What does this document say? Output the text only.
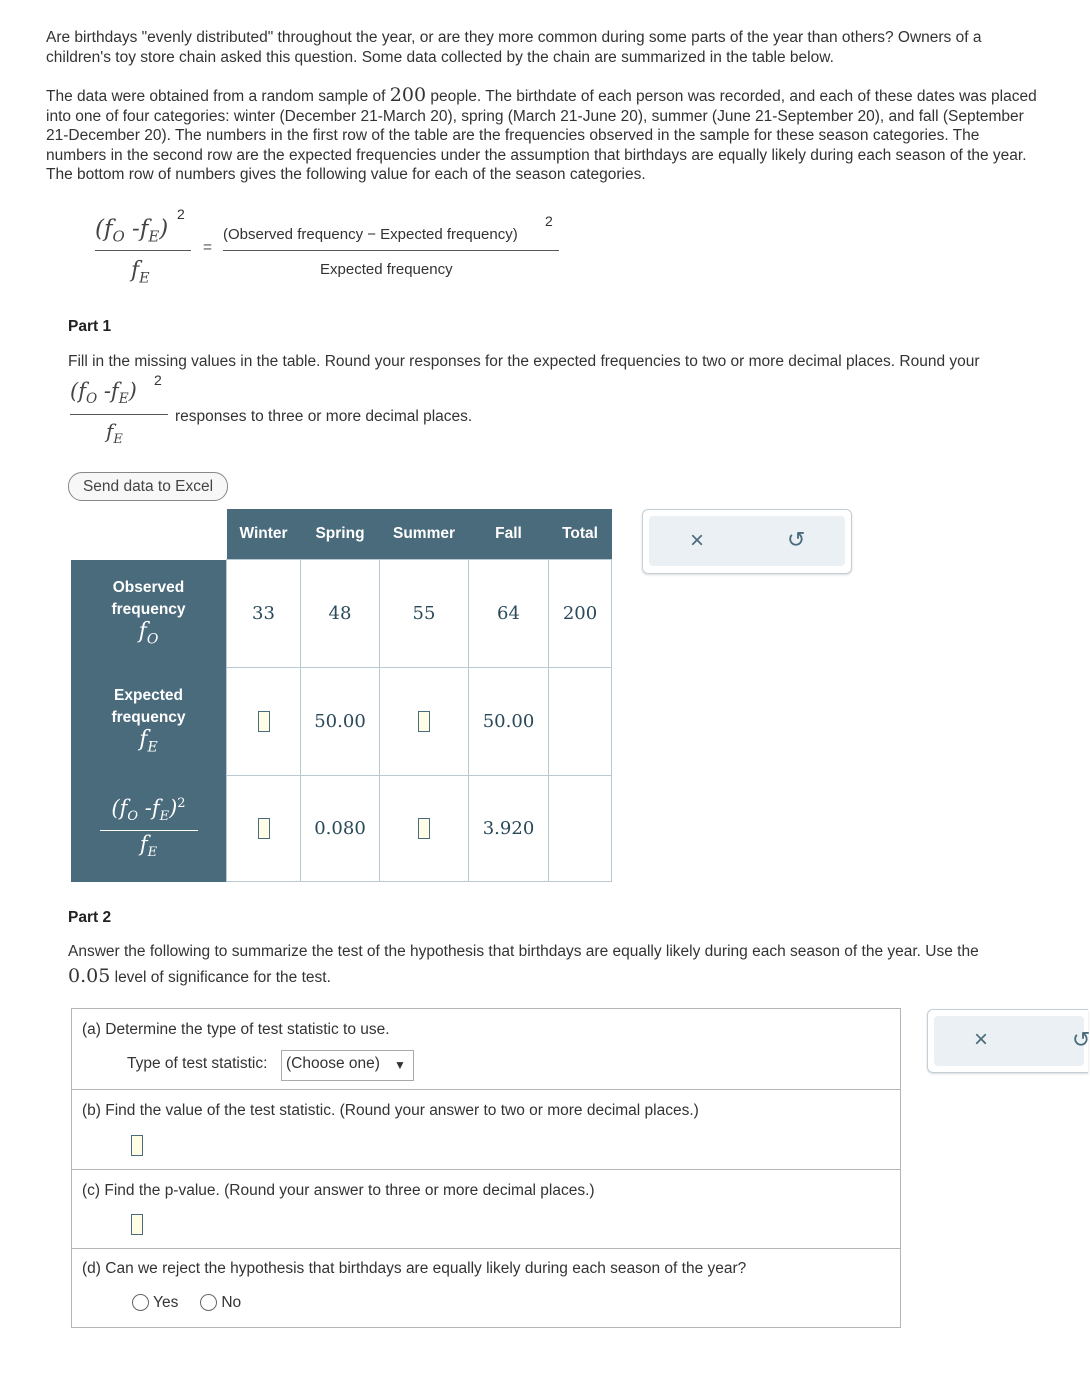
Are birthdays "evenly distributed" throughout the year, or are they more common during some parts of the year than others? Owners of a children's toy store chain asked this question. Some data collected by the chain are summarized in the table below.
The data were obtained from a random sample of 200 people. The birthdate of each person was recorded, and each of these dates was placed into one of four categories: winter (December 21-March 20), spring (March 21-June 20), summer (June 21-September 20), and fall (September 21-December 20). The numbers in the first row of the table are the frequencies observed in the sample for these season categories. The numbers in the second row are the expected frequencies under the assumption that birthdays are equally likely during each season of the year. The bottom row of numbers gives the following value for each of the season categories.
($f_O$ $-f_E$)
2
$f_E$
=
(Observed frequency − Expected frequency)
2
Expected frequency
Part 1
Fill in the missing values in the table. Round your responses for the expected frequencies to two or more decimal places. Round your
($f_O$ $-f_E$) 2
$f_E$
responses to three or more decimal places.
Send data to Excel
	Winter	Spring	Summer	Fall	Total

Observed
frequency
$f_O$	33	48	55	64	200

Expected
frequency
$f_E$		50.00		50.00	

($f_O$ $-f_E)^2$
$f_E$		0.080		3.920	
×	↺
Part 2
Answer the following to summarize the test of the hypothesis that birthdays are equally likely during each season of the year. Use the
0.05 level of significance for the test.
(a) Determine the type of test statistic to use.
Type of test statistic: (Choose one) ▼
(b) Find the value of the test statistic. (Round your answer to two or more decimal places.)
(c) Find the p-value. (Round your answer to three or more decimal places.)
(d) Can we reject the hypothesis that birthdays are equally likely during each season of the year?
Yes	No
×	↺
